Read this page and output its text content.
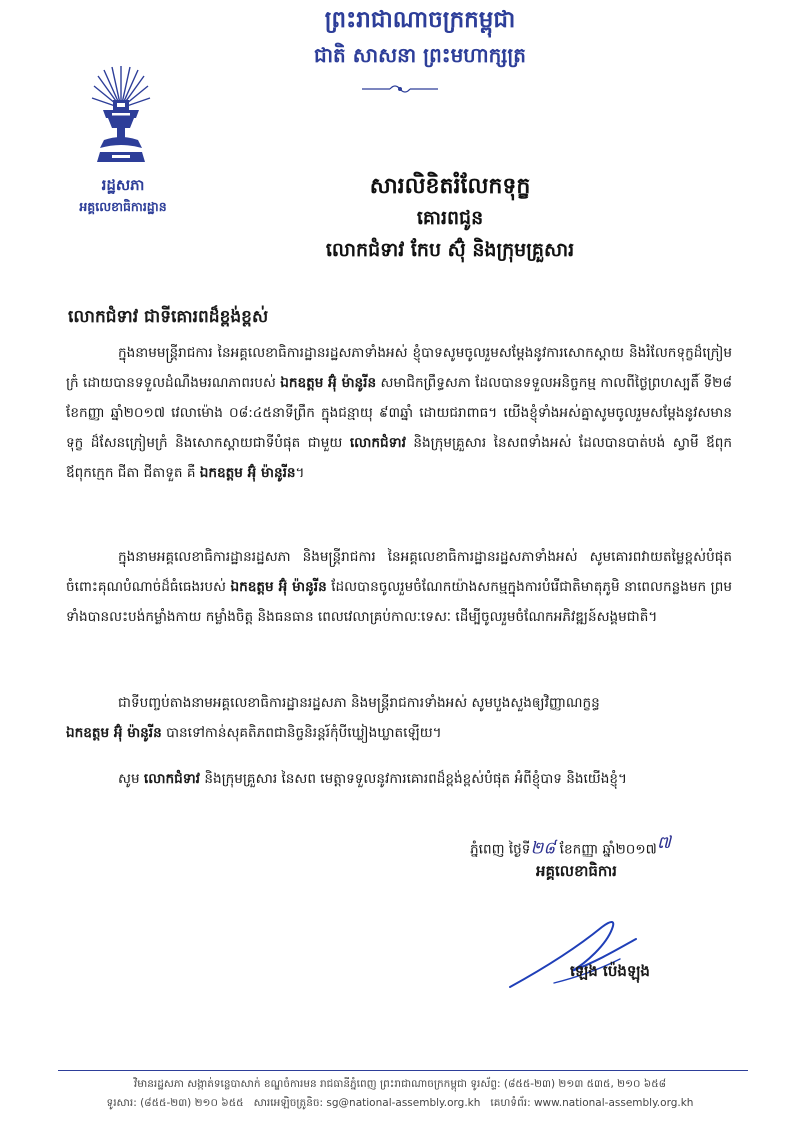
ព្រះរាជាណាចក្រកម្ពុជា
ជាតិ សាសនា ព្រះមហាក្សត្រ
រដ្ឋសភា
អគ្គលេខាធិការដ្ឋាន
សារលិខិតរំលែកទុក្ខ
គោរពជូន
លោកជំទាវ កែប ស៊ុំ និងក្រុមគ្រួសារ
លោកជំទាវ ជាទីគោរពដ៏ខ្ពង់ខ្ពស់
ក្នុងនាមមន្ត្រីរាជការ នៃអគ្គលេខាធិការដ្ឋានរដ្ឋសភាទាំងអស់ ខ្ញុំបាទសូមចូលរួមសម្តែងនូវការសោកស្តាយ និងរំលែកទុក្ខដ៏ក្រៀមក្រំ ដោយបានទទួលដំណឹងមរណភាពរបស់ ឯកឧត្តម អ៊ុំ ម៉ានូរីន សមាជិកព្រឹទ្ធសភា ដែលបានទទួលអនិច្ចកម្ម កាលពីថ្ងៃព្រហស្បតិ៍ ទី២៨ ខែកញ្ញា ឆ្នាំ២០១៧ វេលាម៉ោង ០៨:៤៥នាទីព្រឹក ក្នុងជន្មាយុ ៩៣ឆ្នាំ ដោយជរាពាធ។ យើងខ្ញុំទាំងអស់គ្នាសូមចូលរួមសម្តែងនូវសមានទុក្ខ ដ៏សែនក្រៀមក្រំ និងសោកស្តាយជាទីបំផុត ជាមួយ លោកជំទាវ និងក្រុមគ្រួសារ នៃសពទាំងអស់ ដែលបានបាត់បង់ ស្វាមី ឪពុក ឪពុកក្មេក ជីតា ជីតាទួត គឺ ឯកឧត្តម អ៊ុំ ម៉ានូរីន។
ក្នុងនាមអគ្គលេខាធិការដ្ឋានរដ្ឋសភា និងមន្ត្រីរាជការ នៃអគ្គលេខាធិការដ្ឋានរដ្ឋសភាទាំងអស់ សូមគោរពវាយតម្លៃខ្ពស់បំផុតចំពោះគុណបំណាច់ដ៏ធំធេងរបស់ ឯកឧត្តម អ៊ុំ ម៉ានូរីន ដែលបានចូលរួមចំណែកយ៉ាងសកម្មក្នុងការបំរើជាតិមាតុភូមិ នាពេលកន្លងមក ព្រមទាំងបានលះបង់កម្លាំងកាយ កម្លាំងចិត្ត និងធនធាន ពេលវេលាគ្រប់កាលៈទេសៈ ដើម្បីចូលរួមចំណែកអភិវឌ្ឍន៍សង្គមជាតិ។
ជាទីបញ្ចប់តាងនាមអគ្គលេខាធិការដ្ឋានរដ្ឋសភា និងមន្ត្រីរាជការទាំងអស់ សូមបួងសួងឲ្យវិញ្ញាណក្ខន្ធ
ឯកឧត្តម អ៊ុំ ម៉ានូរីន បានទៅកាន់សុគតិភពជានិច្ចនិរន្តរ៍កុំបីឃ្លៀងឃ្លាតឡើយ។
សូម លោកជំទាវ និងក្រុមគ្រួសារ នៃសព មេត្តាទទួលនូវការគោរពដ៏ខ្ពង់ខ្ពស់បំផុត អំពីខ្ញុំបាទ និងយើងខ្ញុំ។
ភ្នំពេញ ថ្ងៃទី២៨ ខែកញ្ញា ឆ្នាំ២០១៧$^៧$
អគ្គលេខាធិការ
ឡេង ប៉េងឡុង
វិមានរដ្ឋសភា សង្កាត់ទន្លេបាសាក់ ខណ្ឌចំការមន រាជធានីភ្នំពេញ ព្រះរាជាណាចក្រកម្ពុជា ទូរស័ព្ទ: (៨៥៥-២៣) ២១៣ ៥៣៥, ២១០ ៦៥៨
ទូរសារ: (៨៥៥-២៣) ២១០ ៦៥៥ សារអេឡិចត្រូនិច: sg@national-assembly.org.kh គេហទំព័រ: www.national-assembly.org.kh
